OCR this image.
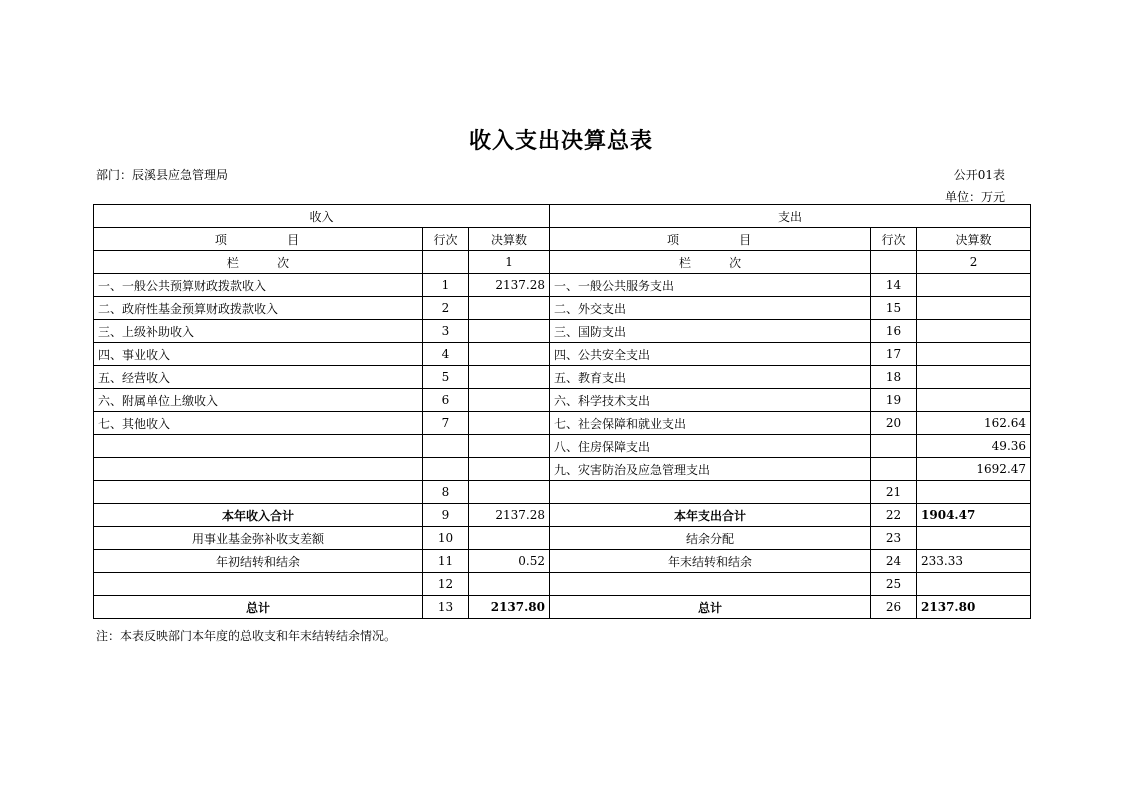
收入支出决算总表
部门：辰溪县应急管理局	公开01表
单位：万元
收入			支出		
项          目	行次	决算数	项          目	行次	决算数
栏          次		1	栏          次		2
一、一般公共预算财政拨款收入	1	2137.28	一、一般公共服务支出	14	
二、政府性基金预算财政拨款收入	2		二、外交支出	15	
三、上级补助收入	3		三、国防支出	16	
四、事业收入	4		四、公共安全支出	17	
五、经营收入	5		五、教育支出	18	
六、附属单位上缴收入	6		六、科学技术支出	19	
七、其他收入	7		七、社会保障和就业支出	20	162.64
			八、住房保障支出		49.36
			九、灾害防治及应急管理支出		1692.47
	8			21	
本年收入合计	9	2137.28	本年支出合计	22	1904.47
用事业基金弥补收支差额	10		结余分配	23	
年初结转和结余	11	0.52	年末结转和结余	24	233.33
	12			25	
总计	13	2137.80	总计	26	2137.80
注：本表反映部门本年度的总收支和年末结转结余情况。
